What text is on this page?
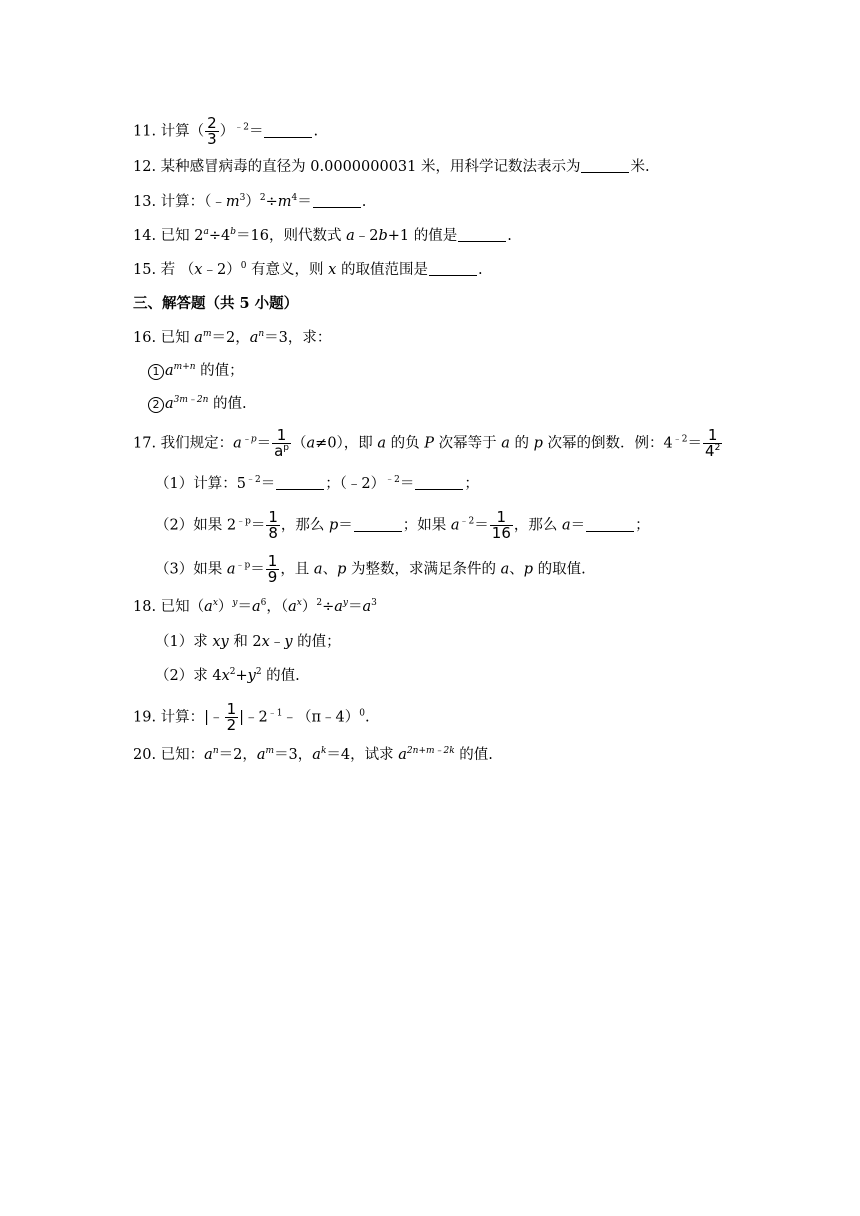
11. 计算（ $\frac{2}{3} )^{﹣2}=$	.
12. 某种感冒病毒的直径为 0.0000000031 米，用科学记数法表示为	米.
13. 计算：$(﹣m^3)^2\div m^4=$	.
14. 已知 $2^a\div 4^b=16$，则代数式 a﹣2b+1 的值是	.
15. 若 （x﹣2）$^0$ 有意义，则 x 的取值范围是	.
三、解答题（共 5 小题）
16. 已知 $a^m=2$，$a^n=3$，求：
1 $a^{m+n}$ 的值；
2 $a^{3m﹣2n}$ 的值.
17. 我们规定：$a^{﹣p}= \frac{1}{a^p} (a\ne 0)$，即 a 的负 P 次幂等于 a 的 p 次幂的倒数．例：$4^{﹣2}= \frac{1}{4^2}$
（1）计算：$5^{﹣2}=$	；（﹣2）$^{﹣2}$＝	；
（2）如果 $2^{﹣p}= \frac{1}{8}$ ，那么 p＝	；如果 $a^{﹣2}= \frac{1}{16}$ ，那么 a＝	；
（3）如果 $a^{﹣p}= \frac{1}{9}$ ，且 a、p 为整数，求满足条件的 a、p 的取值.
18. 已知$(a^x)^y=a^6$，$(a^x)^2\div a^y=a^3$
（1）求 xy 和 2x﹣y 的值；
（2）求 $4x^2+y^2$ 的值.
19. 计算：|﹣ $\frac{1}{2}$ $|﹣2^{﹣1}﹣(\pi﹣4)^0$.
20. 已知：$a^n=2$，$a^m=3$，$a^k=4$，试求 $a^{2n+m﹣2k}$ 的值.
